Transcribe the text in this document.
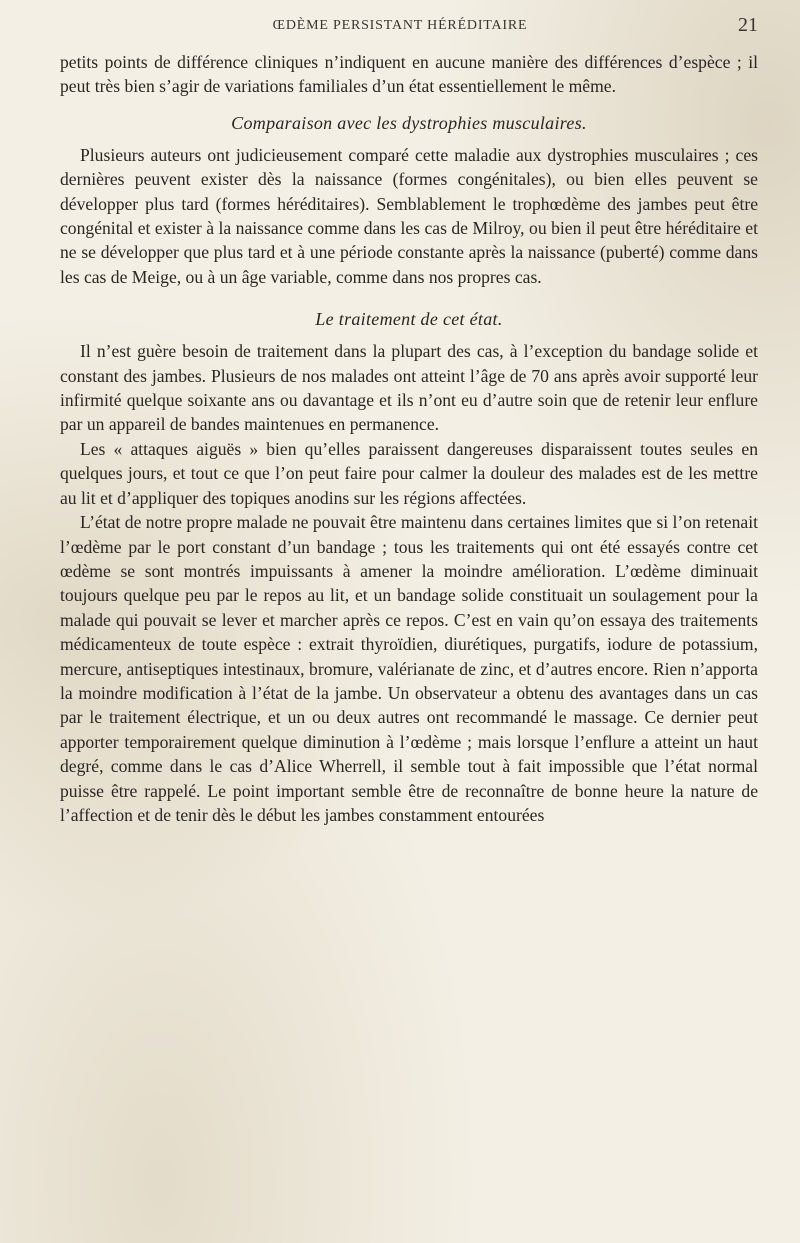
ŒDÈME PERSISTANT HÉRÉDITAIRE	21

petits points de différence cliniques n’indiquent en aucune manière des différences d’espèce ; il peut très bien s’agir de variations familiales d’un état essentiellement le même.

Comparaison avec les dystrophies musculaires.

Plusieurs auteurs ont judicieusement comparé cette maladie aux dystrophies musculaires ; ces dernières peuvent exister dès la naissance (formes congénitales), ou bien elles peuvent se développer plus tard (formes héréditaires). Semblablement le trophœdème des jambes peut être congénital et exister à la naissance comme dans les cas de Milroy, ou bien il peut être héréditaire et ne se développer que plus tard et à une période constante après la naissance (puberté) comme dans les cas de Meige, ou à un âge variable, comme dans nos propres cas.

Le traitement de cet état.

Il n’est guère besoin de traitement dans la plupart des cas, à l’exception du bandage solide et constant des jambes. Plusieurs de nos malades ont atteint l’âge de 70 ans après avoir supporté leur infirmité quelque soixante ans ou davantage et ils n’ont eu d’autre soin que de retenir leur enflure par un appareil de bandes maintenues en permanence.

Les « attaques aiguës » bien qu’elles paraissent dangereuses disparaissent toutes seules en quelques jours, et tout ce que l’on peut faire pour calmer la douleur des malades est de les mettre au lit et d’appliquer des topiques anodins sur les régions affectées.

L’état de notre propre malade ne pouvait être maintenu dans certaines limites que si l’on retenait l’œdème par le port constant d’un bandage ; tous les traitements qui ont été essayés contre cet œdème se sont montrés impuissants à amener la moindre amélioration. L’œdème diminuait toujours quelque peu par le repos au lit, et un bandage solide constituait un soulagement pour la malade qui pouvait se lever et marcher après ce repos. C’est en vain qu’on essaya des traitements médicamenteux de toute espèce : extrait thyroïdien, diurétiques, purgatifs, iodure de potassium, mercure, antiseptiques intestinaux, bromure, valérianate de zinc, et d’autres encore. Rien n’apporta la moindre modification à l’état de la jambe. Un observateur a obtenu des avantages dans un cas par le traitement électrique, et un ou deux autres ont recommandé le massage. Ce dernier peut apporter temporairement quelque diminution à l’œdème ; mais lorsque l’enflure a atteint un haut degré, comme dans le cas d’Alice Wherrell, il semble tout à fait impossible que l’état normal puisse être rappelé. Le point important semble être de reconnaître de bonne heure la nature de l’affection et de tenir dès le début les jambes constamment entourées
